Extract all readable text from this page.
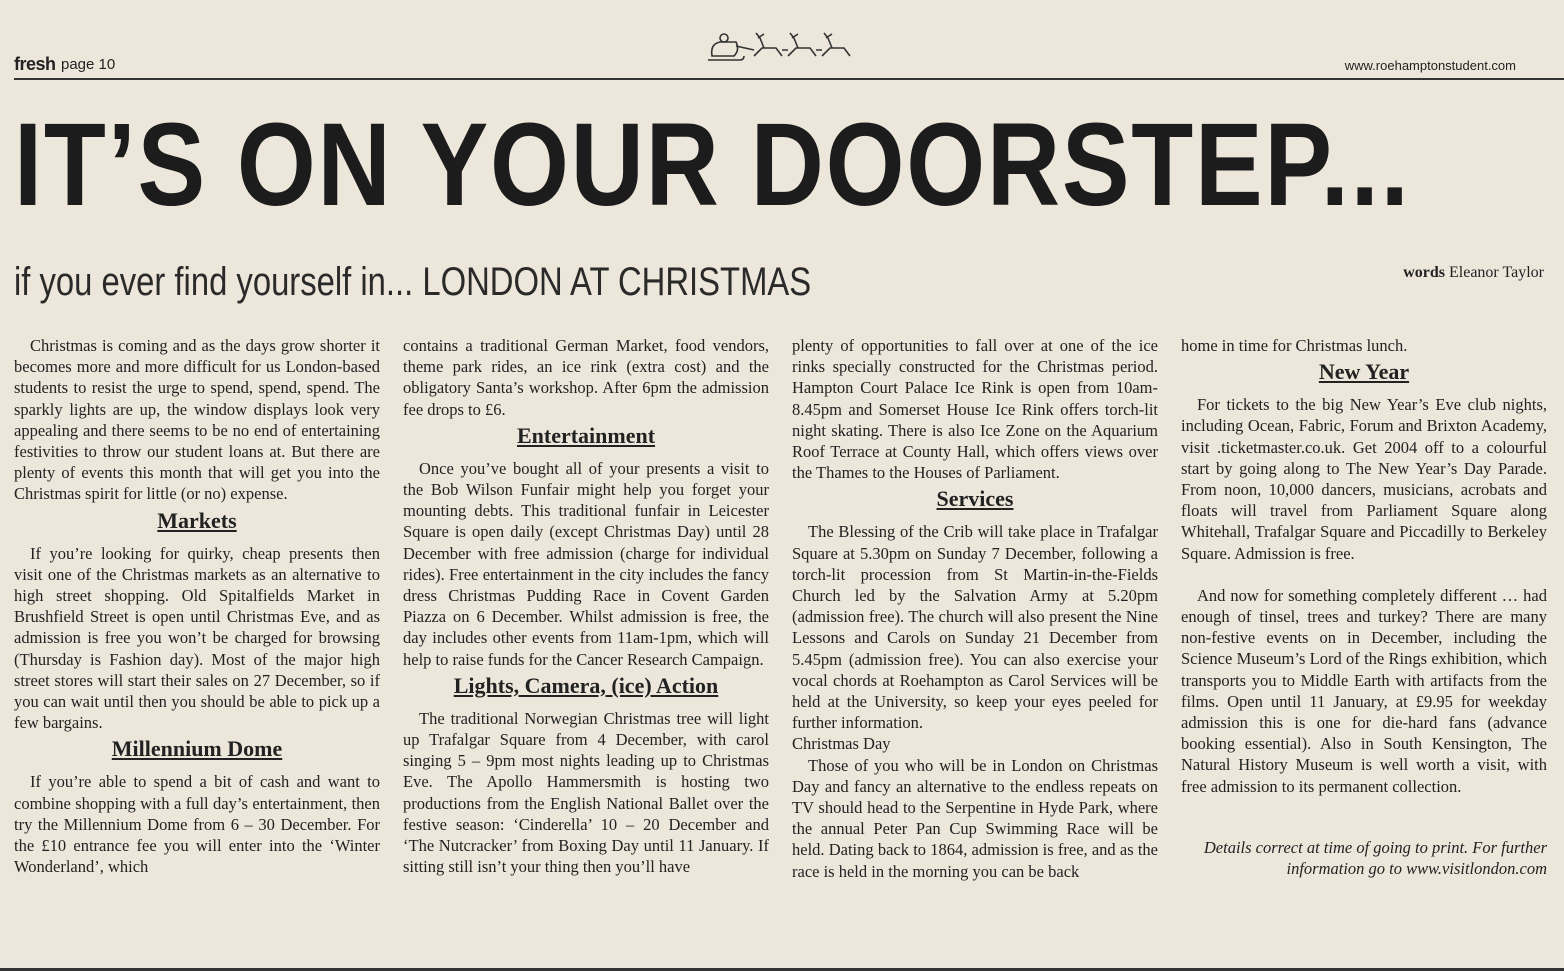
fresh page 10	www.roehamptonstudent.com
IT’S ON YOUR DOORSTEP...
if you ever find yourself in... LONDON AT CHRISTMAS	words Eleanor Taylor

Christmas is coming and as the days grow shorter it becomes more and more difficult for us London-based students to resist the urge to spend, spend, spend. The sparkly lights are up, the window displays look very appealing and there seems to be no end of entertaining festivities to throw our student loans at. But there are plenty of events this month that will get you into the Christmas spirit for little (or no) expense.

Markets

If you’re looking for quirky, cheap presents then visit one of the Christmas markets as an alternative to high street shopping. Old Spitalfields Market in Brushfield Street is open until Christmas Eve, and as admission is free you won’t be charged for browsing (Thursday is Fashion day). Most of the major high street stores will start their sales on 27 December, so if you can wait until then you should be able to pick up a few bargains.

Millennium Dome

If you’re able to spend a bit of cash and want to combine shopping with a full day’s entertainment, then try the Millennium Dome from 6 – 30 December. For the £10 entrance fee you will enter into the ‘Winter Wonderland’, which

contains a traditional German Market, food vendors, theme park rides, an ice rink (extra cost) and the obligatory Santa’s workshop. After 6pm the admission fee drops to £6.

Entertainment

Once you’ve bought all of your presents a visit to the Bob Wilson Funfair might help you forget your mounting debts. This traditional funfair in Leicester Square is open daily (except Christmas Day) until 28 December with free admission (charge for individual rides). Free entertainment in the city includes the fancy dress Christmas Pudding Race in Covent Garden Piazza on 6 December. Whilst admission is free, the day includes other events from 11am-1pm, which will help to raise funds for the Cancer Research Campaign.

Lights, Camera, (ice) Action

The traditional Norwegian Christmas tree will light up Trafalgar Square from 4 December, with carol singing 5 – 9pm most nights leading up to Christmas Eve. The Apollo Hammersmith is hosting two productions from the English National Ballet over the festive season: ‘Cinderella’ 10 – 20 December and ‘The Nutcracker’ from Boxing Day until 11 January. If sitting still isn’t your thing then you’ll have

plenty of opportunities to fall over at one of the ice rinks specially constructed for the Christmas period. Hampton Court Palace Ice Rink is open from 10am-8.45pm and Somerset House Ice Rink offers torch-lit night skating. There is also Ice Zone on the Aquarium Roof Terrace at County Hall, which offers views over the Thames to the Houses of Parliament.

Services

The Blessing of the Crib will take place in Trafalgar Square at 5.30pm on Sunday 7 December, following a torch-lit procession from St Martin-in-the-Fields Church led by the Salvation Army at 5.20pm (admission free). The church will also present the Nine Lessons and Carols on Sunday 21 December from 5.45pm (admission free). You can also exercise your vocal chords at Roehampton as Carol Services will be held at the University, so keep your eyes peeled for further information.

Christmas Day

Those of you who will be in London on Christmas Day and fancy an alternative to the endless repeats on TV should head to the Serpentine in Hyde Park, where the annual Peter Pan Cup Swimming Race will be held. Dating back to 1864, admission is free, and as the race is held in the morning you can be back

home in time for Christmas lunch.

New Year

For tickets to the big New Year’s Eve club nights, including Ocean, Fabric, Forum and Brixton Academy, visit .ticketmaster.co.uk. Get 2004 off to a colourful start by going along to The New Year’s Day Parade. From noon, 10,000 dancers, musicians, acrobats and floats will travel from Parliament Square along Whitehall, Trafalgar Square and Piccadilly to Berkeley Square. Admission is free.

And now for something completely different … had enough of tinsel, trees and turkey? There are many non-festive events on in December, including the Science Museum’s Lord of the Rings exhibition, which transports you to Middle Earth with artifacts from the films. Open until 11 January, at £9.95 for weekday admission this is one for die-hard fans (advance booking essential). Also in South Kensington, The Natural History Museum is well worth a visit, with free admission to its permanent collection.

Details correct at time of going to print. For further information go to www.visitlondon.com
